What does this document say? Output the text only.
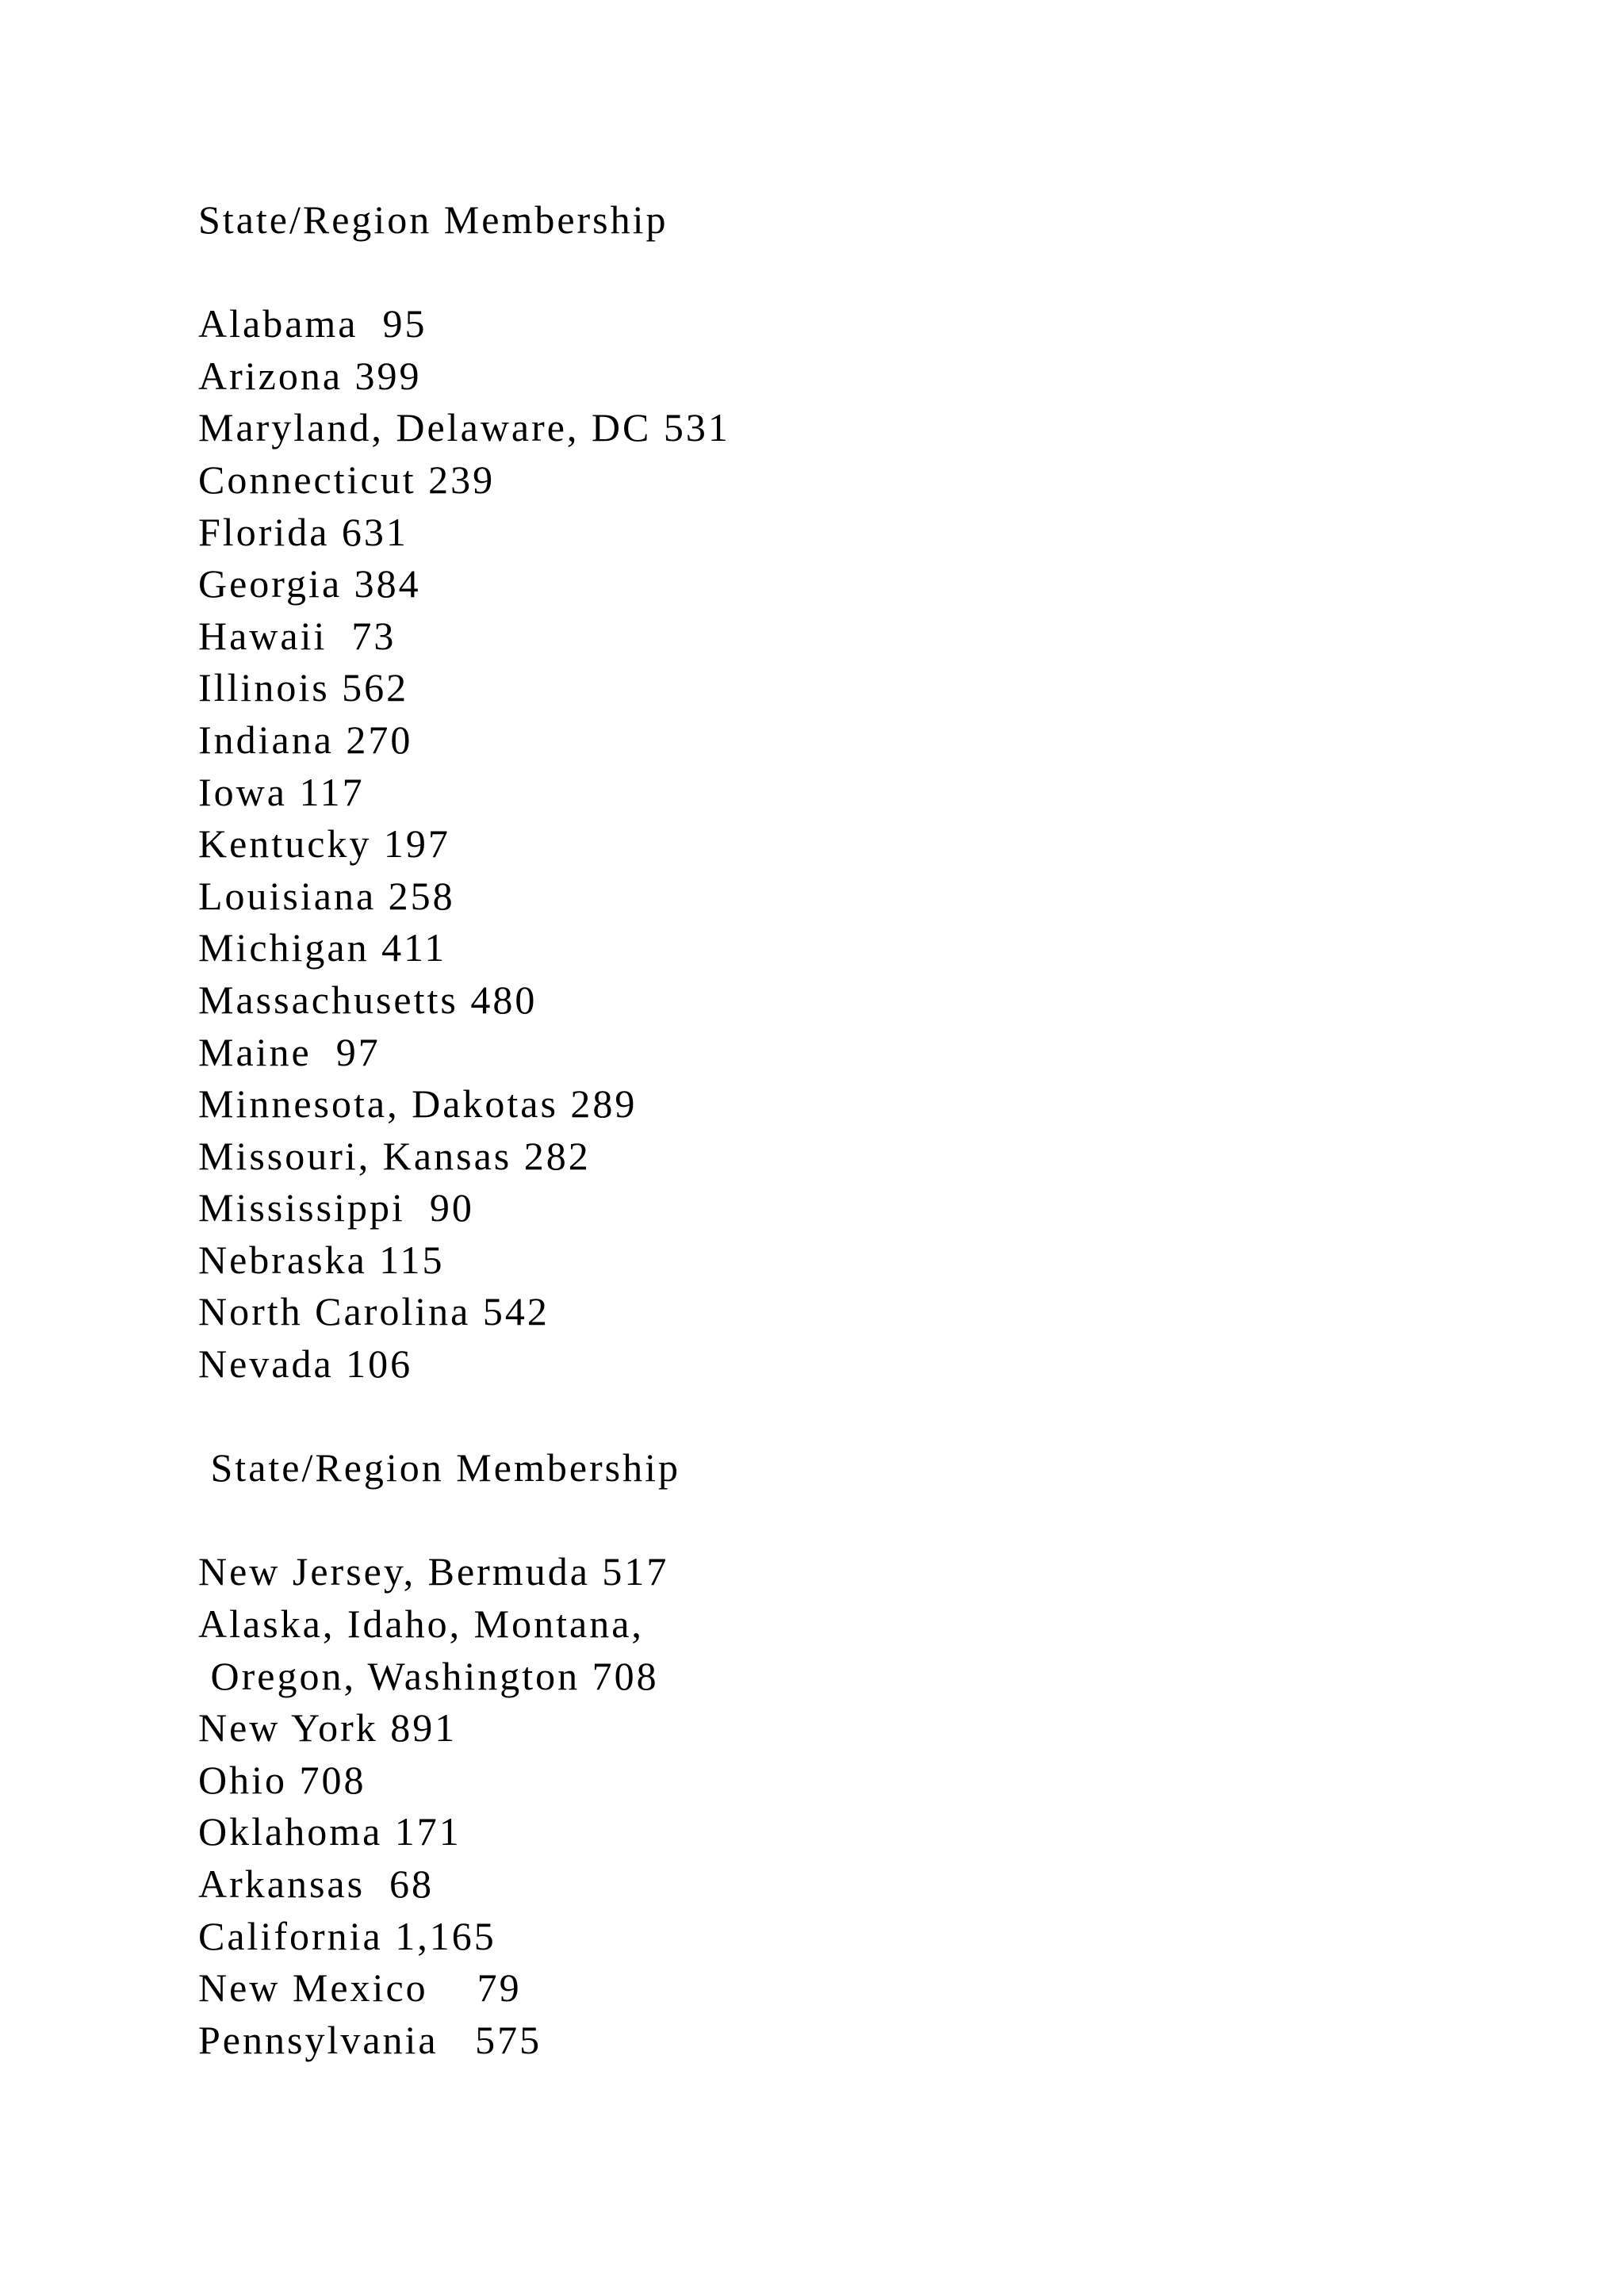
State/Region Membership
Alabama  95
Arizona 399
Maryland, Delaware, DC 531
Connecticut 239
Florida 631
Georgia 384
Hawaii  73
Illinois 562
Indiana 270
Iowa 117
Kentucky 197
Louisiana 258
Michigan 411
Massachusetts 480
Maine  97
Minnesota, Dakotas 289
Missouri, Kansas 282
Mississippi  90
Nebraska 115
North Carolina 542
Nevada 106
State/Region Membership
New Jersey, Bermuda 517
Alaska, Idaho, Montana,
Oregon, Washington 708
New York 891
Ohio 708
Oklahoma 171
Arkansas  68
California 1,165
New Mexico    79
Pennsylvania   575
